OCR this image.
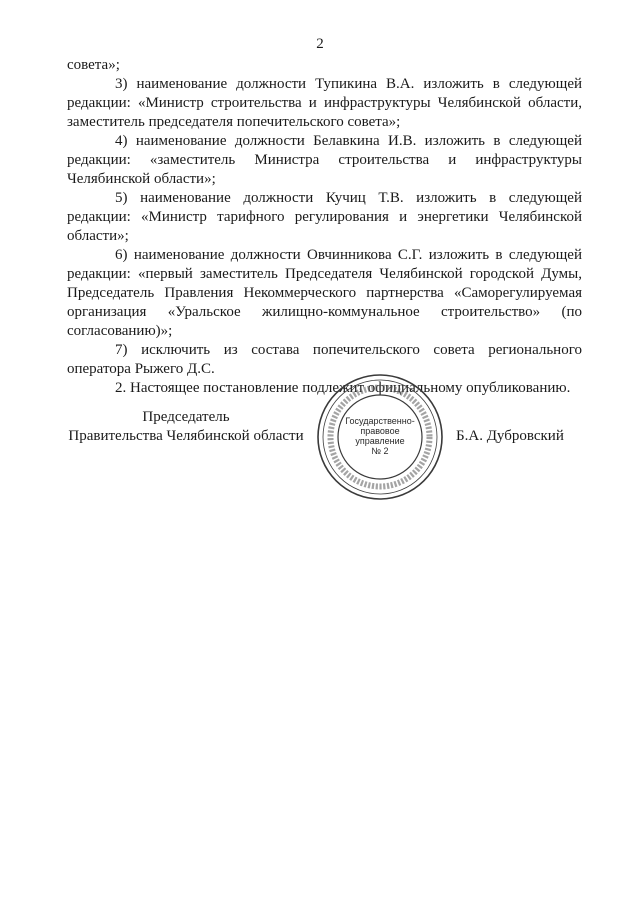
2

совета»;

3) наименование должности Тупикина В.А. изложить в следующей редакции: «Министр строительства и инфраструктуры Челябинской области, заместитель председателя попечительского совета»;

4) наименование должности Белавкина И.В. изложить в следующей редакции: «заместитель Министра строительства и инфраструктуры Челябинской области»;

5) наименование должности Кучиц Т.В. изложить в следующей редакции: «Министр тарифного регулирования и энергетики Челябинской области»;

6) наименование должности Овчинникова С.Г. изложить в следующей редакции: «первый заместитель Председателя Челябинской городской Думы, Председатель Правления Некоммерческого партнерства «Саморегулируемая организация «Уральское жилищно-коммунальное строительство» (по согласованию)»;

7) исключить из состава попечительского совета регионального оператора Рыжего Д.С.

2. Настоящее постановление подлежит официальному опубликованию.

Председатель
Правительства Челябинской области
Государственно-
правовое
управление
№ 2
Б.А. Дубровский
